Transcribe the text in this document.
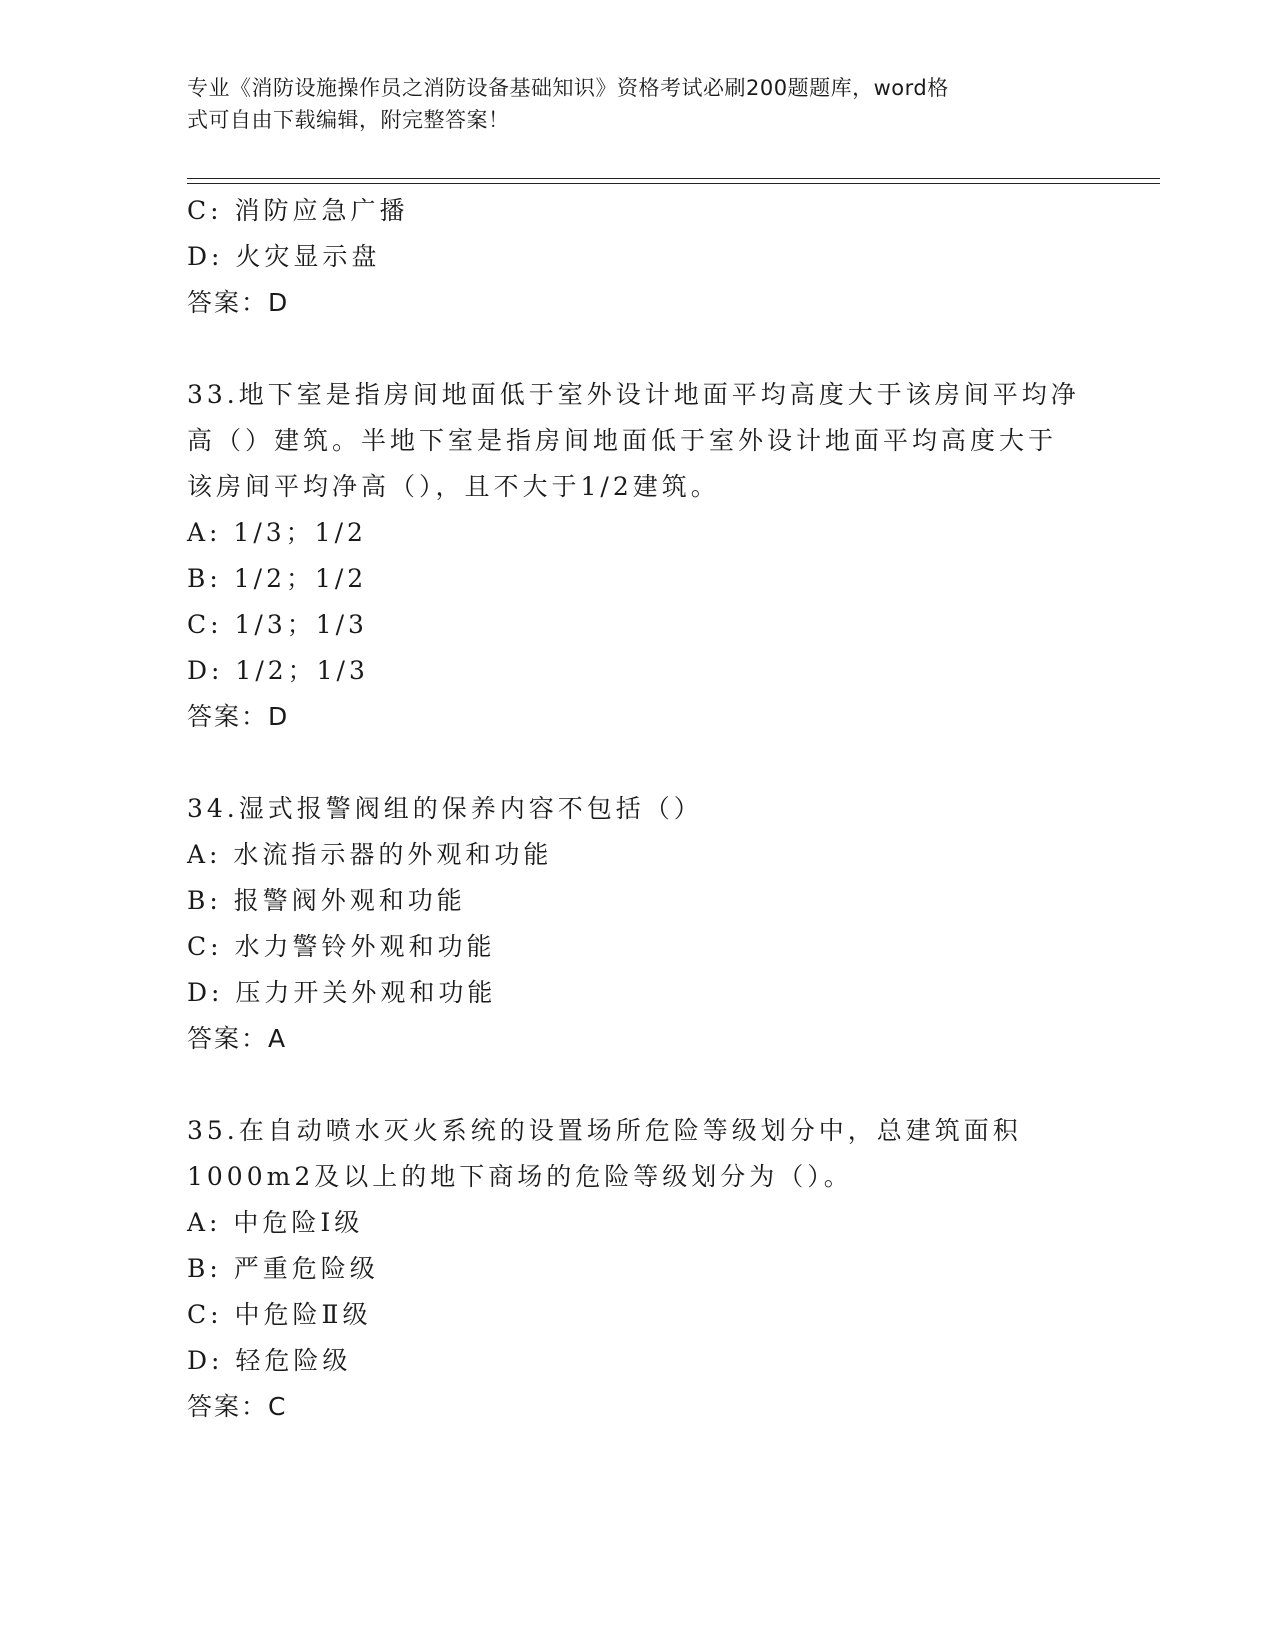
专业《消防设施操作员之消防设备基础知识》资格考试必刷200题题库，word格
式可自由下载编辑，附完整答案！
C: 消防应急广播
D: 火灾显示盘
答案：D
33.地下室是指房间地面低于室外设计地面平均高度大于该房间平均净
高（）建筑。半地下室是指房间地面低于室外设计地面平均高度大于
该房间平均净高（），且不大于1/2建筑。
A: 1/3；1/2
B: 1/2；1/2
C: 1/3；1/3
D: 1/2；1/3
答案：D
34.湿式报警阀组的保养内容不包括（）
A: 水流指示器的外观和功能
B: 报警阀外观和功能
C: 水力警铃外观和功能
D: 压力开关外观和功能
答案：A
35.在自动喷水灭火系统的设置场所危险等级划分中，总建筑面积
1000m2及以上的地下商场的危险等级划分为（）。
A: 中危险Ⅰ级
B: 严重危险级
C: 中危险Ⅱ级
D: 轻危险级
答案：C
